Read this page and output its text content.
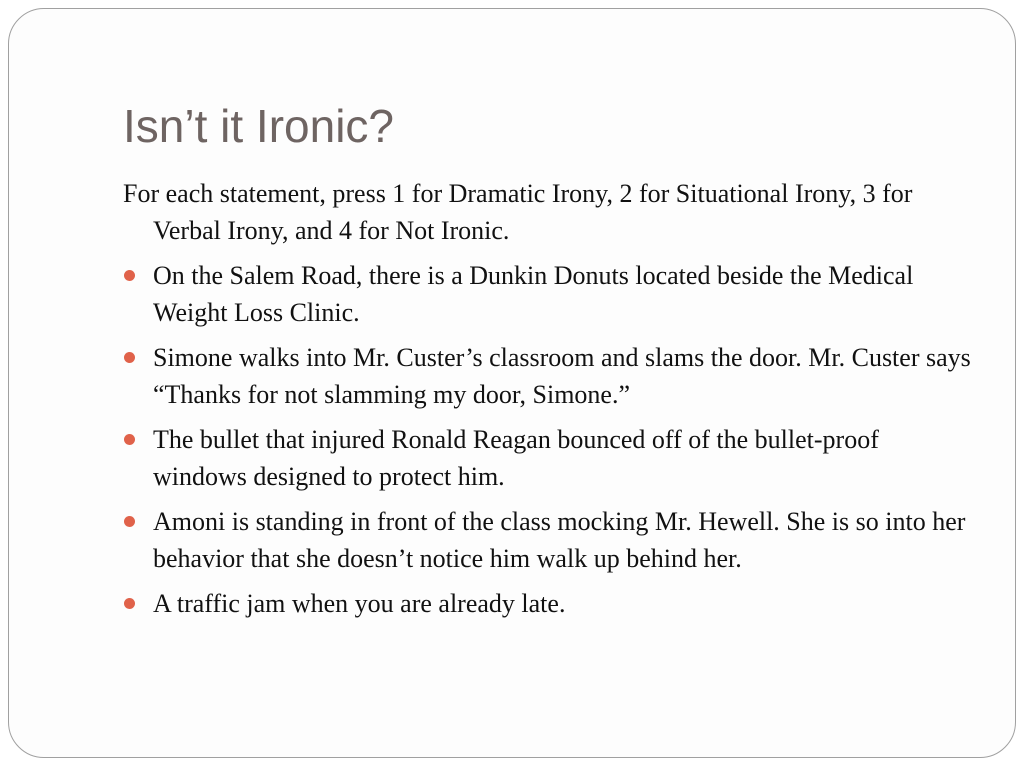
Isn’t it Ironic?

For each statement, press 1 for Dramatic Irony, 2 for Situational Irony, 3 for Verbal Irony, and 4 for Not Ironic.

On the Salem Road, there is a Dunkin Donuts located beside the Medical Weight Loss Clinic.
Simone walks into Mr. Custer’s classroom and slams the door. Mr. Custer says “Thanks for not slamming my door, Simone.”
The bullet that injured Ronald Reagan bounced off of the bullet-proof windows designed to protect him.
Amoni is standing in front of the class mocking Mr. Hewell. She is so into her behavior that she doesn’t notice him walk up behind her.
A traffic jam when you are already late.
